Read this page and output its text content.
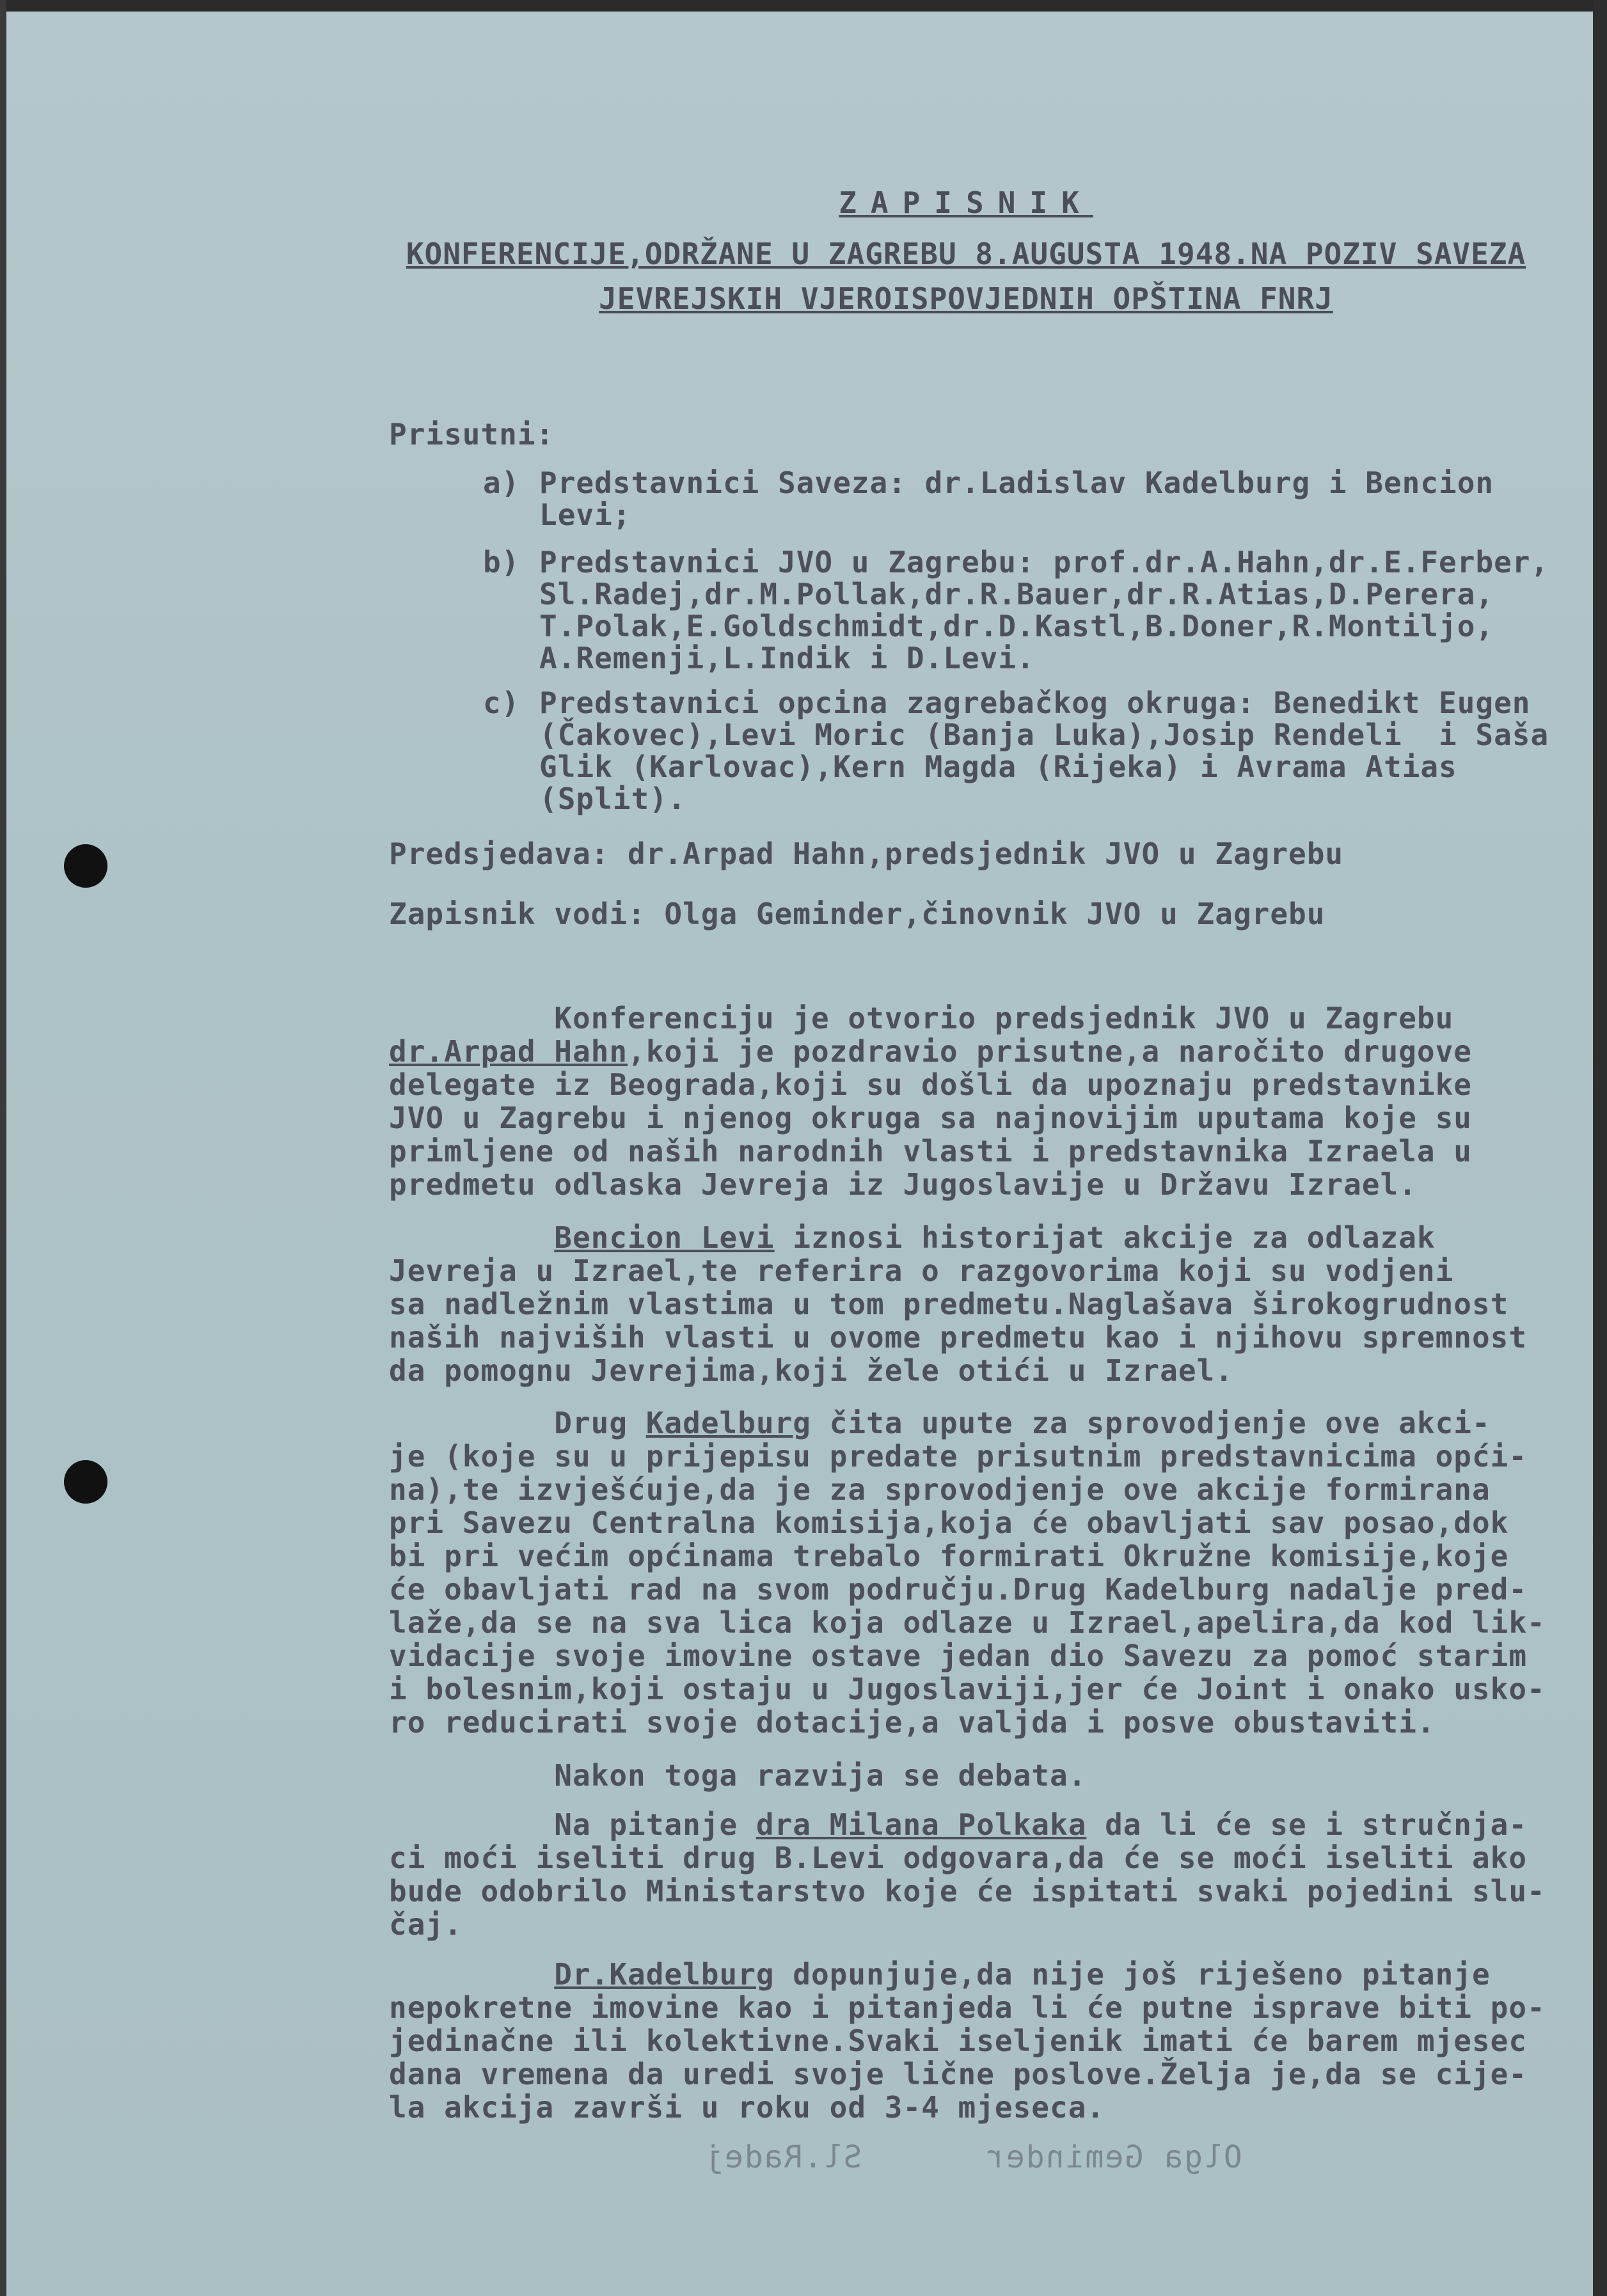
Sl.Radej	Olga Geminder
ZAPISNIK
KONFERENCIJE,ODRŽANE U ZAGREBU 8.AUGUSTA 1948.NA POZIV SAVEZA
JEVREJSKIH VJEROISPOVJEDNIH OPŠTINA FNRJ
Prisutni:
a) Predstavnici Saveza: dr.Ladislav Kadelburg i Bencion
Levi;
b) Predstavnici JVO u Zagrebu: prof.dr.A.Hahn,dr.E.Ferber,
Sl.Radej,dr.M.Pollak,dr.R.Bauer,dr.R.Atias,D.Perera,
T.Polak,E.Goldschmidt,dr.D.Kastl,B.Doner,R.Montiljo,
A.Remenji,L.Indik i D.Levi.
c) Predstavnici opcina zagrebačkog okruga: Benedikt Eugen
(Čakovec),Levi Moric (Banja Luka),Josip Rendeli  i Saša
Glik (Karlovac),Kern Magda (Rijeka) i Avrama Atias
(Split).
Predsjedava: dr.Arpad Hahn,predsjednik JVO u Zagrebu
Zapisnik vodi: Olga Geminder,činovnik JVO u Zagrebu
Konferenciju je otvorio predsjednik JVO u Zagrebu
dr.Arpad Hahn,koji je pozdravio prisutne,a naročito drugove
delegate iz Beograda,koji su došli da upoznaju predstavnike
JVO u Zagrebu i njenog okruga sa najnovijim uputama koje su
primljene od naših narodnih vlasti i predstavnika Izraela u
predmetu odlaska Jevreja iz Jugoslavije u Državu Izrael.
Bencion Levi iznosi historijat akcije za odlazak
Jevreja u Izrael,te referira o razgovorima koji su vodjeni
sa nadležnim vlastima u tom predmetu.Naglašava širokogrudnost
naših najviših vlasti u ovome predmetu kao i njihovu spremnost
da pomognu Jevrejima,koji žele otići u Izrael.
Drug Kadelburg čita upute za sprovodjenje ove akci-
je (koje su u prijepisu predate prisutnim predstavnicima opći-
na),te izvješćuje,da je za sprovodjenje ove akcije formirana
pri Savezu Centralna komisija,koja će obavljati sav posao,dok
bi pri većim općinama trebalo formirati Okružne komisije,koje
će obavljati rad na svom području.Drug Kadelburg nadalje pred-
laže,da se na sva lica koja odlaze u Izrael,apelira,da kod lik-
vidacije svoje imovine ostave jedan dio Savezu za pomoć starim
i bolesnim,koji ostaju u Jugoslaviji,jer će Joint i onako usko-
ro reducirati svoje dotacije,a valjda i posve obustaviti.
Nakon toga razvija se debata.
Na pitanje dra Milana Polkaka da li će se i stručnja-
ci moći iseliti drug B.Levi odgovara,da će se moći iseliti ako
bude odobrilo Ministarstvo koje će ispitati svaki pojedini slu-
čaj.
Dr.Kadelburg dopunjuje,da nije još riješeno pitanje
nepokretne imovine kao i pitanjeda li će putne isprave biti po-
jedinačne ili kolektivne.Svaki iseljenik imati će barem mjesec
dana vremena da uredi svoje lične poslove.Želja je,da se cije-
la akcija završi u roku od 3-4 mjeseca.
